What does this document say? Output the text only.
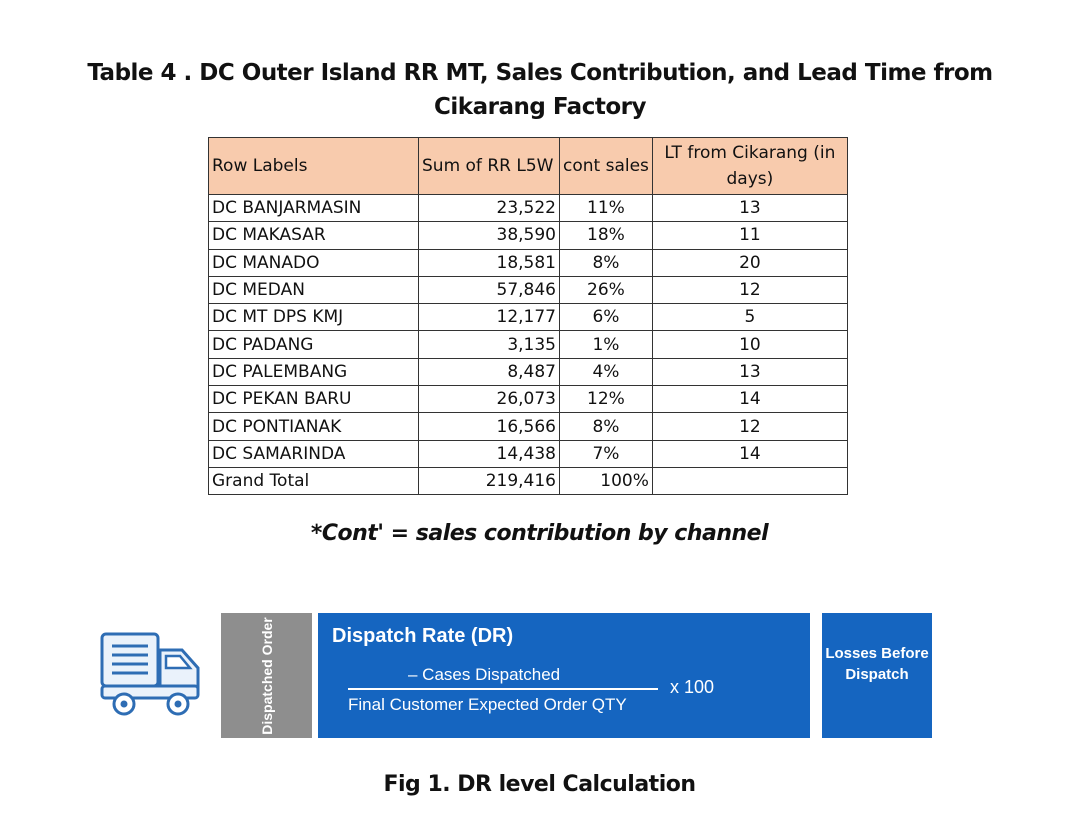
Table 4 . DC Outer Island RR MT, Sales Contribution, and Lead Time from
Cikarang Factory
Row Labels	Sum of RR L5W	cont sales	LT from Cikarang (in days)
DC BANJARMASIN	23,522	11%	13
DC MAKASAR	38,590	18%	11
DC MANADO	18,581	8%	20
DC MEDAN	57,846	26%	12
DC MT DPS KMJ	12,177	6%	5
DC PADANG	3,135	1%	10
DC PALEMBANG	8,487	4%	13
DC PEKAN BARU	26,073	12%	14
DC PONTIANAK	16,566	8%	12
DC SAMARINDA	14,438	7%	14
Grand Total	219,416	100%	
*Cont' = sales contribution by channel
Dispatched Order	Dispatch Rate (DR)
– Cases Dispatched
Final Customer Expected Order QTY
x 100
Losses Before Dispatch
Fig 1. DR level Calculation
